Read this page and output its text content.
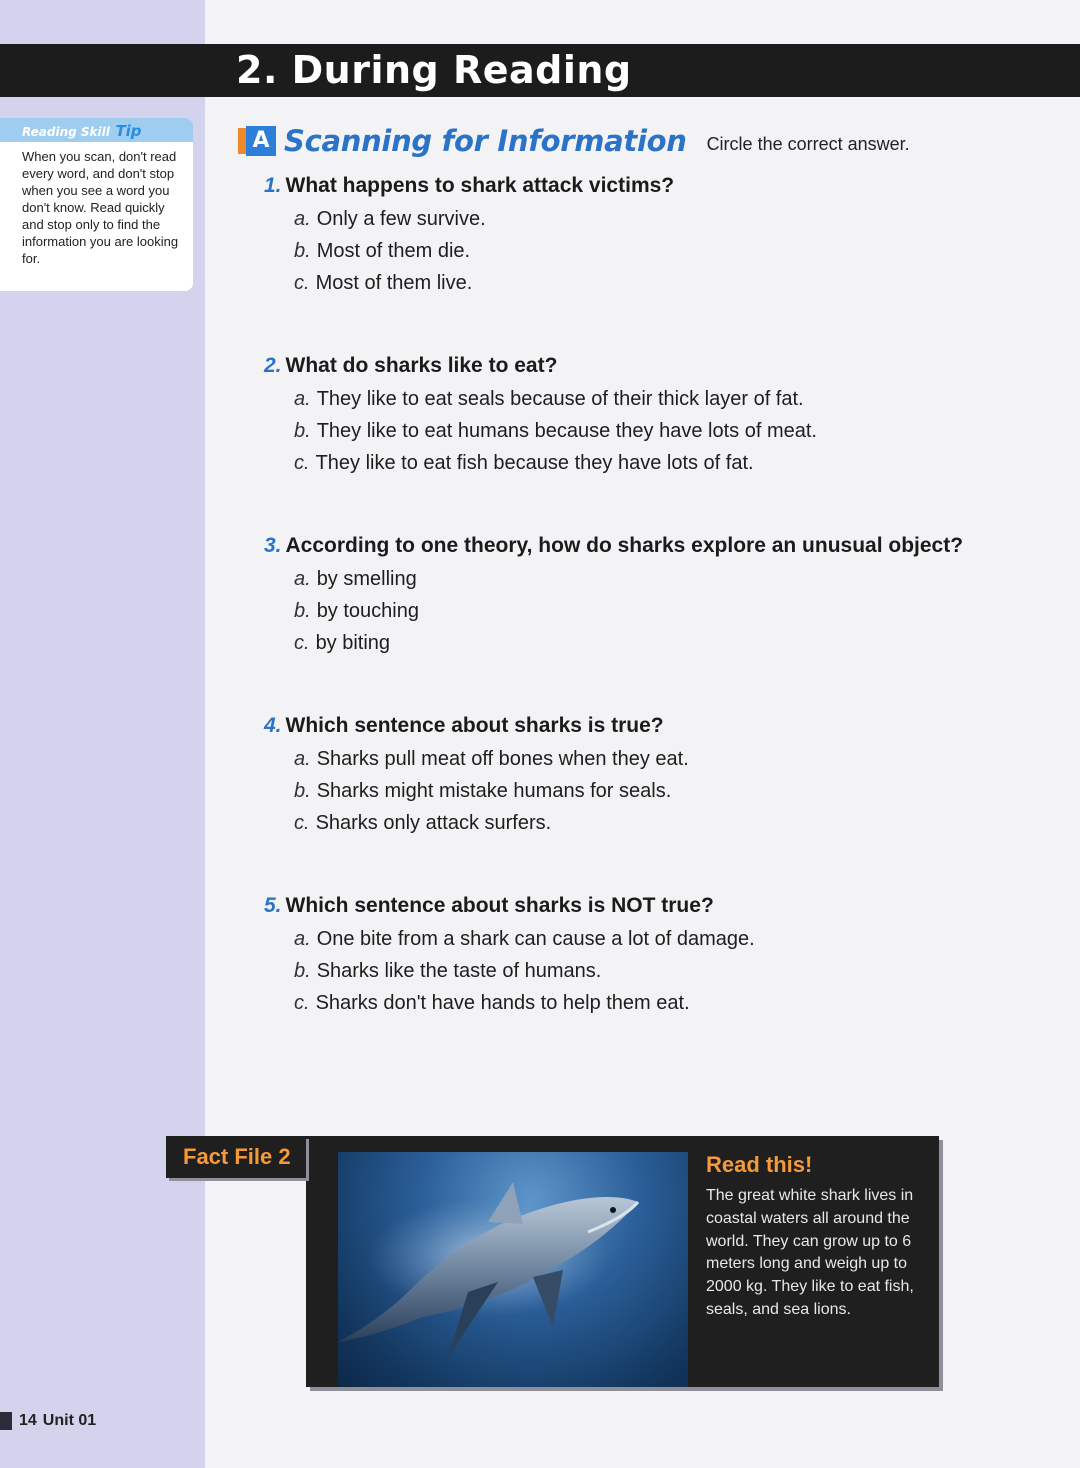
2. During Reading
Reading Skill Tip
When you scan, don't read every word, and don't stop when you see a word you don't know. Read quickly and stop only to find the information you are looking for.
A Scanning for Information Circle the correct answer.
1. What happens to shark attack victims?
a. Only a few survive.
b. Most of them die.
c. Most of them live.
2. What do sharks like to eat?
a. They like to eat seals because of their thick layer of fat.
b. They like to eat humans because they have lots of meat.
c. They like to eat fish because they have lots of fat.
3. According to one theory, how do sharks explore an unusual object?
a. by smelling
b. by touching
c. by biting
4. Which sentence about sharks is true?
a. Sharks pull meat off bones when they eat.
b. Sharks might mistake humans for seals.
c. Sharks only attack surfers.
5. Which sentence about sharks is NOT true?
a. One bite from a shark can cause a lot of damage.
b. Sharks like the taste of humans.
c. Sharks don't have hands to help them eat.
Fact File 2	Read this!
The great white shark lives in coastal waters all around the world. They can grow up to 6 meters long and weigh up to 2000 kg. They like to eat fish, seals, and sea lions.
14 Unit 01
